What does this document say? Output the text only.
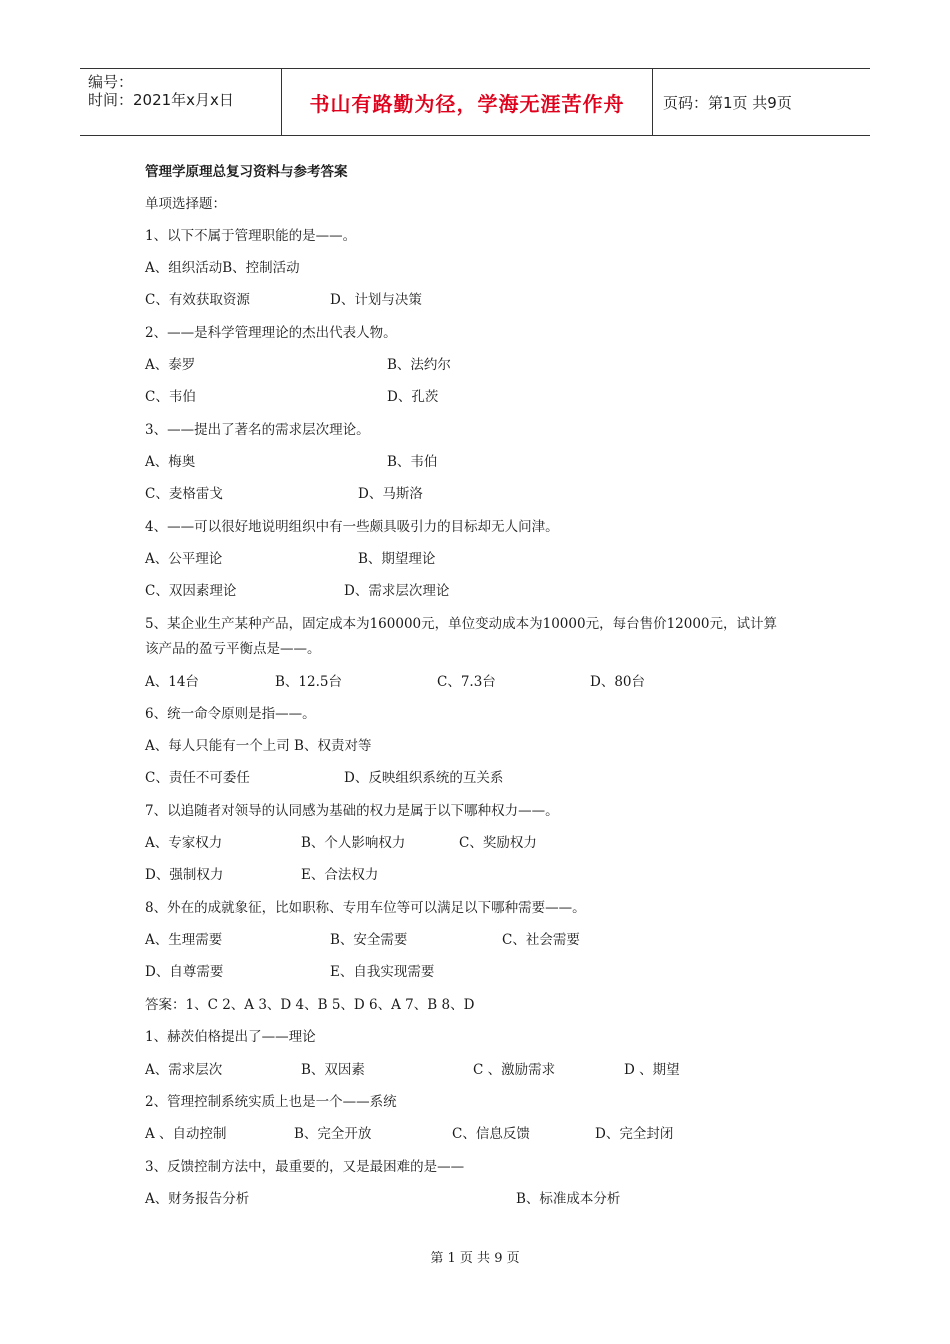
编号：
时间：2021年x月x日	书山有路勤为径，学海无涯苦作舟	页码：第1页 共9页
管理学原理总复习资料与参考答案
单项选择题：
1、以下不属于管理职能的是——。
A、组织活动B、控制活动
C、有效获取资源	D、计划与决策
2、——是科学管理理论的杰出代表人物。
A、泰罗	B、法约尔
C、韦伯	D、孔茨
3、——提出了著名的需求层次理论。
A、梅奥	B、韦伯
C、麦格雷戈	D、马斯洛
4、——可以很好地说明组织中有一些颇具吸引力的目标却无人问津。
A、公平理论	B、期望理论
C、双因素理论	D、需求层次理论
5、某企业生产某种产品，固定成本为160000元，单位变动成本为10000元，每台售价12000元，试计算
该产品的盈亏平衡点是——。
A、14台	B、12.5台	C、7.3台	D、80台
6、统一命令原则是指——。
A、每人只能有一个上司 B、权责对等
C、责任不可委任	D、反映组织系统的互关系
7、以追随者对领导的认同感为基础的权力是属于以下哪种权力——。
A、专家权力	B、个人影响权力	C、奖励权力
D、强制权力	E、合法权力
8、外在的成就象征，比如职称、专用车位等可以满足以下哪种需要——。
A、生理需要	B、安全需要	C、社会需要
D、自尊需要	E、自我实现需要
答案：1、C 2、A 3、D 4、B 5、D 6、A 7、B 8、D
1、赫茨伯格提出了——理论
A、需求层次	B、双因素	C 、激励需求	D 、期望
2、管理控制系统实质上也是一个——系统
A 、自动控制	B、完全开放	C、信息反馈	D、完全封闭
3、反馈控制方法中，最重要的，又是最困难的是——
A、财务报告分析	B、标准成本分析
第 1 页 共 9 页
